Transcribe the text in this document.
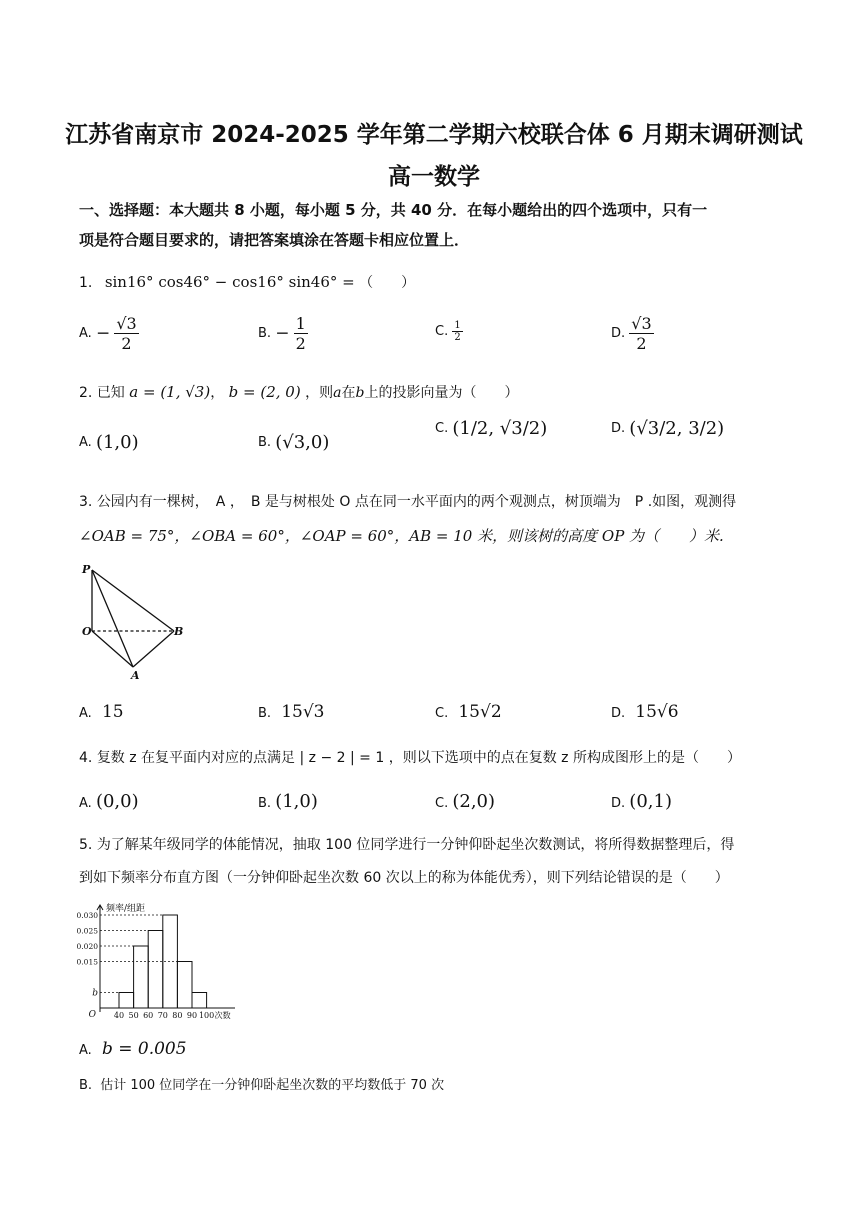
江苏省南京市 2024-2025 学年第二学期六校联合体 6 月期末调研测试
高一数学
一、选择题：本大题共 8 小题，每小题 5 分，共 40 分．在每小题给出的四个选项中，只有一
项是符合题目要求的，请把答案填涂在答题卡相应位置上．
1. sin16° cos46° − cos16° sin46° = （　　）
A. − $\frac{√3}{2}$	B. − $\frac{1}{2}$	C. $\frac{1}{2}$	D. $\frac{√3}{2}$
2. 已知 a = (1, √3)， b = (2, 0) ，则a在b上的投影向量为（　　）
A. (1,0)	B. (√3,0)
C. (1/2, √3/2)	D. (√3/2, 3/2)
3. 公园内有一棵树，　A ，　B 是与树根处 O 点在同一水平面内的两个观测点，树顶端为　P .如图，观测得
∠OAB = 75°，∠OBA = 60°，∠OAP = 60°，AB = 10 米，则该树的高度 OP 为（　　）米.
P
O	B
A
A. 15	B. 15√3	C. 15√2	D. 15√6
4. 复数 z 在复平面内对应的点满足 | z − 2 | = 1 ，则以下选项中的点在复数 z 所构成图形上的是（　　）
A. (0,0)	B. (1,0)	C. (2,0)	D. (0,1)
5. 为了解某年级同学的体能情况，抽取 100 位同学进行一分钟仰卧起坐次数测试，将所得数据整理后，得
到如下频率分布直方图（一分钟仰卧起坐次数 60 次以上的称为体能优秀），则下列结论错误的是（　　）
频率/组距
0.030
0.025
0.020
0.015
b
O 40 50 60 70 80 90 100 次数
A. b = 0.005
B. 估计 100 位同学在一分钟仰卧起坐次数的平均数低于 70 次
